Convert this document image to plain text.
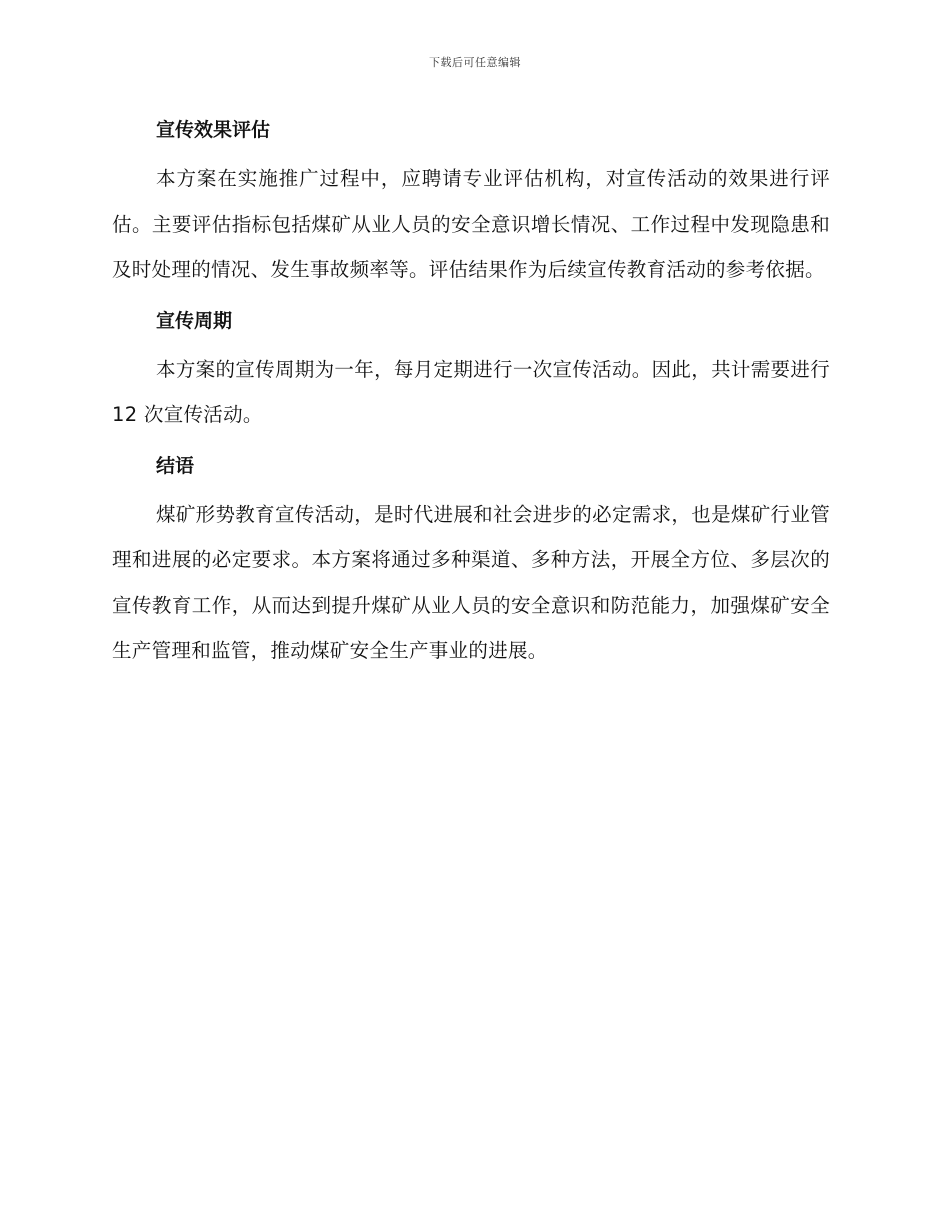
下载后可任意编辑
宣传效果评估

本方案在实施推广过程中，应聘请专业评估机构，对宣传活动的效果进行评估。主要评估指标包括煤矿从业人员的安全意识增长情况、工作过程中发现隐患和及时处理的情况、发生事故频率等。评估结果作为后续宣传教育活动的参考依据。

宣传周期

本方案的宣传周期为一年，每月定期进行一次宣传活动。因此，共计需要进行 12 次宣传活动。

结语

煤矿形势教育宣传活动，是时代进展和社会进步的必定需求，也是煤矿行业管理和进展的必定要求。本方案将通过多种渠道、多种方法，开展全方位、多层次的宣传教育工作，从而达到提升煤矿从业人员的安全意识和防范能力，加强煤矿安全生产管理和监管，推动煤矿安全生产事业的进展。
